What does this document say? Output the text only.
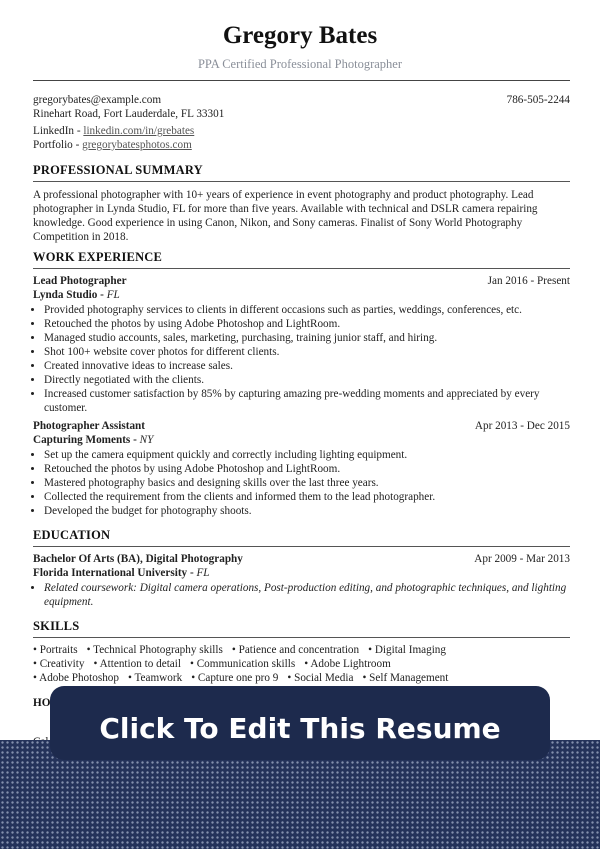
Gregory Bates
PPA Certified Professional Photographer
gregorybates@example.com
Rinehart Road, Fort Lauderdale, FL 33301
786-505-2244
LinkedIn - linkedin.com/in/grebates
Portfolio - gregorybatesphotos.com
PROFESSIONAL SUMMARY
A professional photographer with 10+ years of experience in event photography and product photography. Lead photographer in Lynda Studio, FL for more than five years. Available with technical and DSLR camera repairing knowledge. Good experience in using Canon, Nikon, and Sony cameras. Finalist of Sony World Photography Competition in 2018.
WORK EXPERIENCE
Lead Photographer	Jan 2016 - Present
Lynda Studio - FL
• Provided photography services to clients in different occasions such as parties, weddings, conferences, etc.
• Retouched the photos by using Adobe Photoshop and LightRoom.
• Managed studio accounts, sales, marketing, purchasing, training junior staff, and hiring.
• Shot 100+ website cover photos for different clients.
• Created innovative ideas to increase sales.
• Directly negotiated with the clients.
• Increased customer satisfaction by 85% by capturing amazing pre-wedding moments and appreciated by every customer.
Photographer Assistant	Apr 2013 - Dec 2015
Capturing Moments - NY
• Set up the camera equipment quickly and correctly including lighting equipment.
• Retouched the photos by using Adobe Photoshop and LightRoom.
• Mastered photography basics and designing skills over the last three years.
• Collected the requirement from the clients and informed them to the lead photographer.
• Developed the budget for photography shoots.
EDUCATION
Bachelor Of Arts (BA), Digital Photography	Apr 2009 - Mar 2013
Florida International University - FL
• Related coursework: Digital camera operations, Post-production editing, and photographic techniques, and lighting equipment.
SKILLS
• Portraits • Technical Photography skills • Patience and concentration • Digital Imaging
• Creativity • Attention to detail • Communication skills • Adobe Lightroom
• Adobe Photoshop • Teamwork • Capture one pro 9 • Social Media • Self Management
HO

Click To Edit This Resume
